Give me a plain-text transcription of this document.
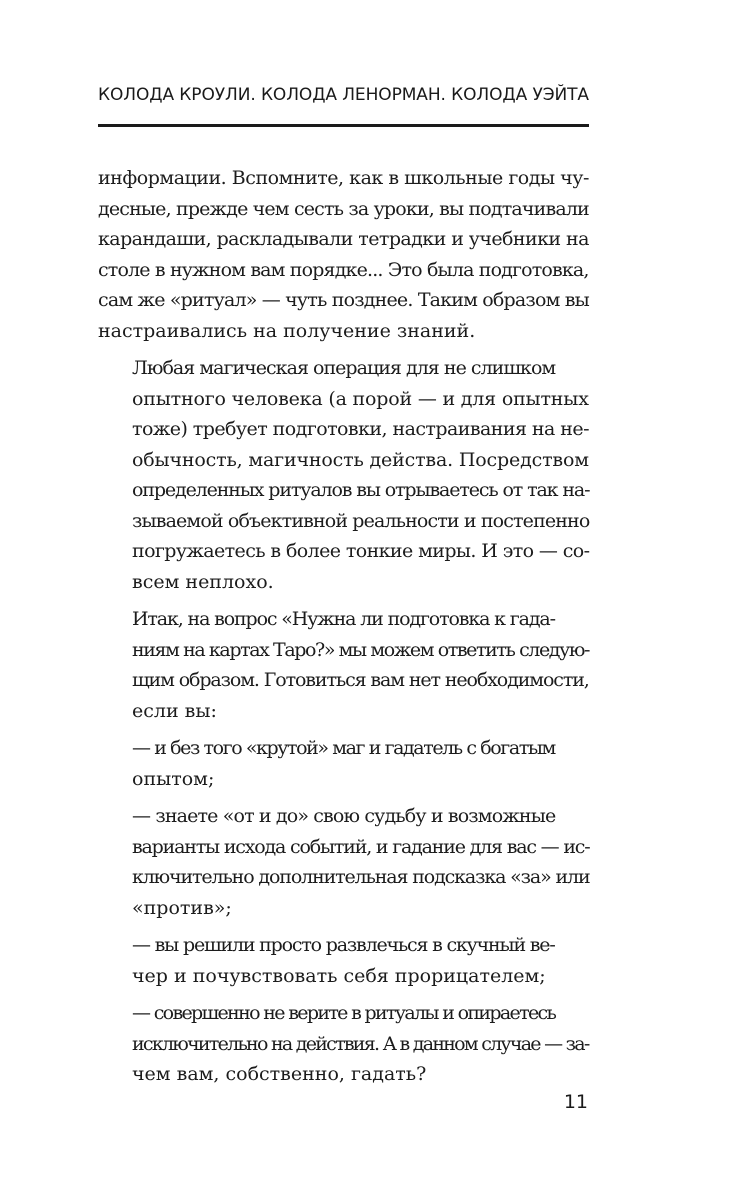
КОЛОДА КРОУЛИ. КОЛОДА ЛЕНОРМАН. КОЛОДА УЭЙТА

информации. Вспомните, как в школьные годы чу-
десные, прежде чем сесть за уроки, вы подтачивали
карандаши, раскладывали тетрадки и учебники на
столе в нужном вам порядке... Это была подготовка,
сам же «ритуал» — чуть позднее. Таким образом вы
настраивались на получение знаний.

Любая магическая операция для не слишком
опытного человека (а порой — и для опытных
тоже) требует подготовки, настраивания на не-
обычность, магичность действа. Посредством
определенных ритуалов вы отрываетесь от так на-
зываемой объективной реальности и постепенно
погружаетесь в более тонкие миры. И это — со-
всем неплохо.

Итак, на вопрос «Нужна ли подготовка к гада-
ниям на картах Таро?» мы можем ответить следую-
щим образом. Готовиться вам нет необходимости,
если вы:

— и без того «крутой» маг и гадатель с богатым
опытом;

— знаете «от и до» свою судьбу и возможные
варианты исхода событий, и гадание для вас — ис-
ключительно дополнительная подсказка «за» или
«против»;

— вы решили просто развлечься в скучный ве-
чер и почувствовать себя прорицателем;

— совершенно не верите в ритуалы и опираетесь
исключительно на действия. А в данном случае — за-
чем вам, собственно, гадать?

11
